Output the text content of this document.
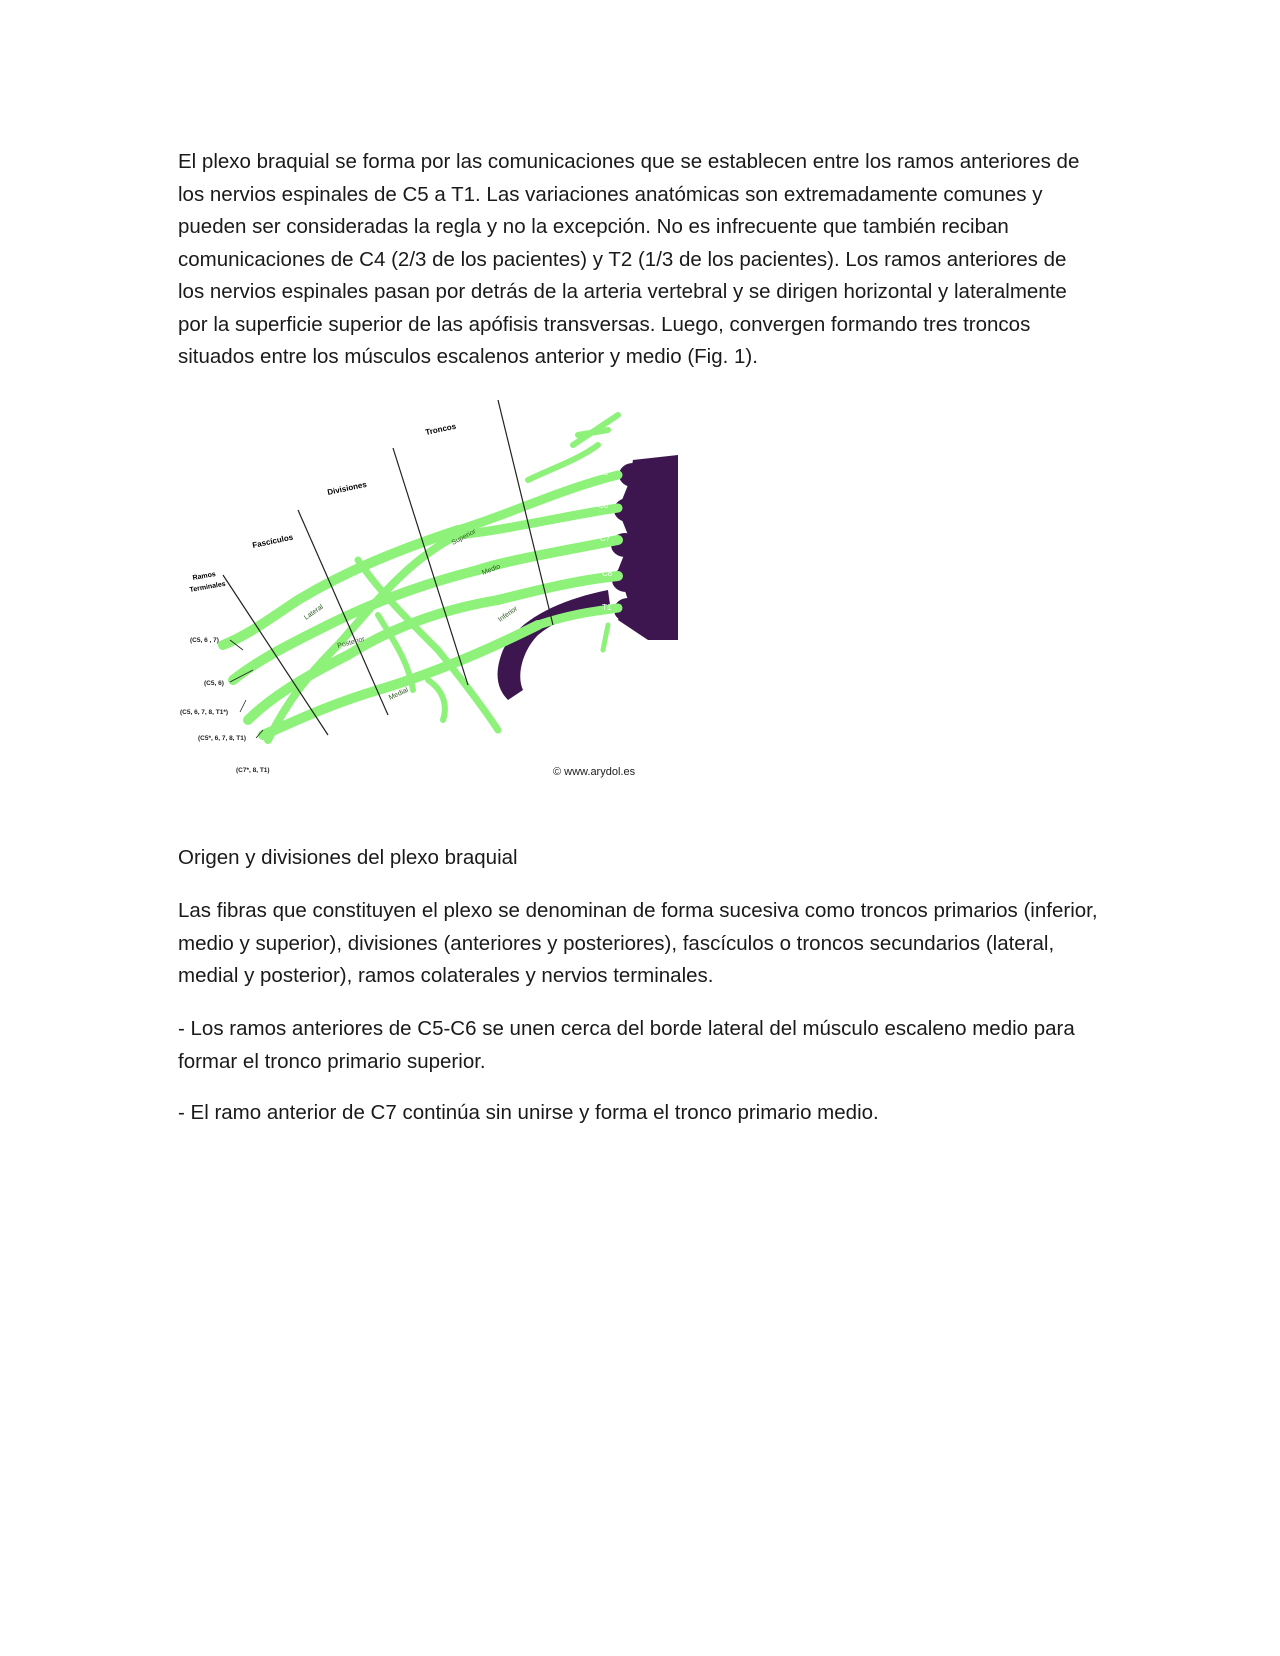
El plexo braquial se forma por las comunicaciones que se establecen entre los ramos anteriores de los nervios espinales de C5 a T1. Las variaciones anatómicas son extremadamente comunes y pueden ser consideradas la regla y no la excepción. No es infrecuente que también reciban comunicaciones de C4 (2/3 de los pacientes) y T2 (1/3 de los pacientes). Los ramos anteriores de los nervios espinales pasan por detrás de la arteria vertebral y se dirigen horizontal y lateralmente por la superficie superior de las apófisis transversas. Luego, convergen formando tres troncos situados entre los músculos escalenos anterior y medio (Fig. 1).

Troncos
Divisiones
Fascículos
Ramos
Terminales
C5
C6
C7
C8
T1
Superior
Medio
Inferior
Lateral
Posterior
Medial
(C5, 6 , 7)
(C5, 6)
(C5, 6, 7, 8, T1*)
(C5*, 6, 7, 8, T1)
(C7*, 8, T1)	© www.arydol.es

Origen y divisiones del plexo braquial

Las fibras que constituyen el plexo se denominan de forma sucesiva como troncos primarios (inferior, medio y superior), divisiones (anteriores y posteriores), fascículos o troncos secundarios (lateral, medial y posterior), ramos colaterales y nervios terminales.

- Los ramos anteriores de C5-C6 se unen cerca del borde lateral del músculo escaleno medio para formar el tronco primario superior.

- El ramo anterior de C7 continúa sin unirse y forma el tronco primario medio.
